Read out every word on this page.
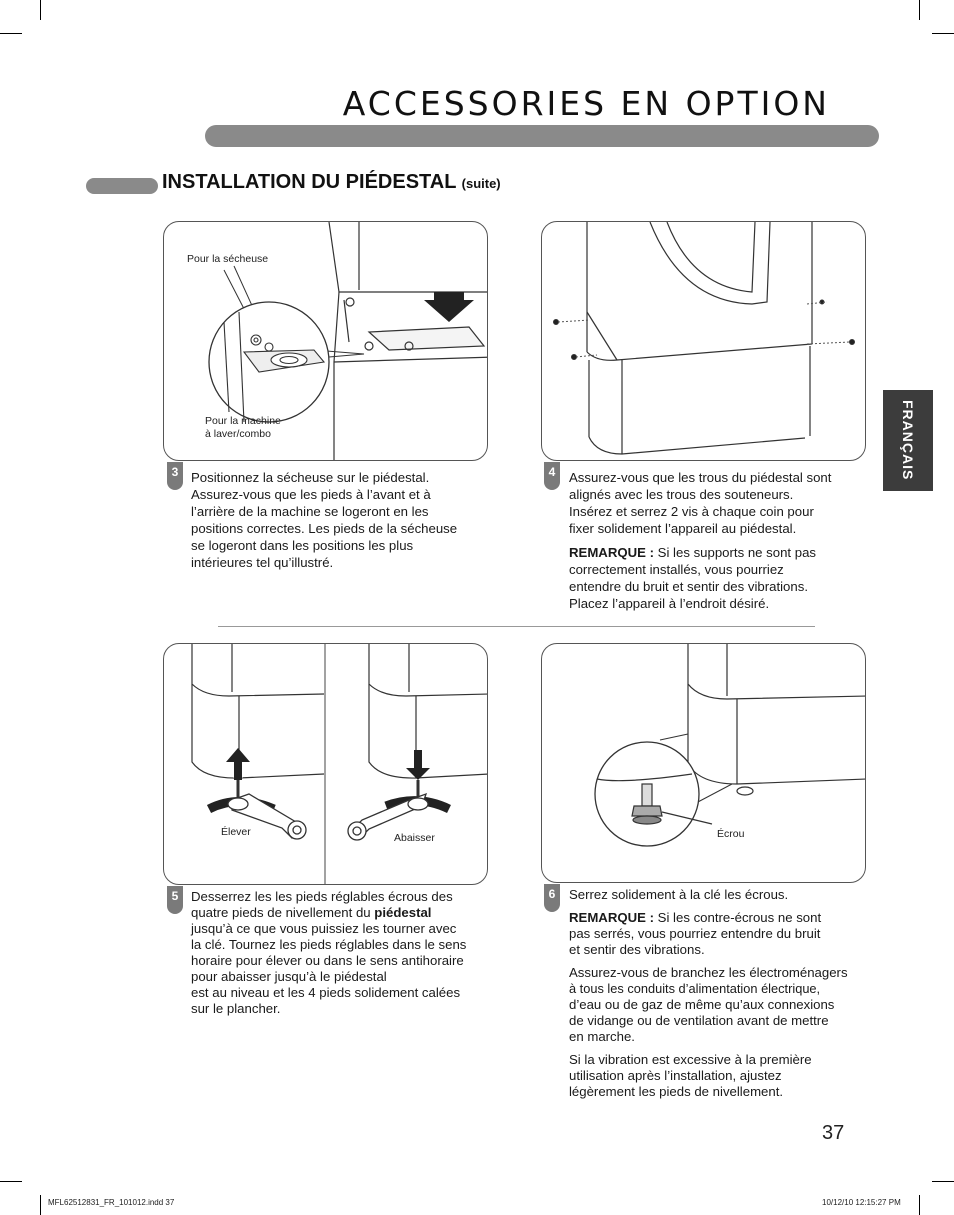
ACCESSORIES EN OPTION
INSTALLATION DU PIÉDESTAL (suite)
FRANÇAIS
Pour la sécheuse
Pour la machine
à laver/combo
3 Positionnez la sécheuse sur le piédestal.
Assurez-vous que les pieds à l’avant et à
l’arrière de la machine se logeront en les
positions correctes. Les pieds de la sécheuse
se logeront dans les positions les plus
intérieures tel qu’illustré.
4	Assurez-vous que les trous du piédestal sont
alignés avec les trous des souteneurs.
Insérez et serrez 2 vis à chaque coin pour
fixer solidement l’appareil au piédestal.

REMARQUE : Si les supports ne sont pas
correctement installés, vous pourriez
entendre du bruit et sentir des vibrations.
Placez l’appareil à l’endroit désiré.

Élever	Abaisser	Écrou
5 Desserrez les les pieds réglables écrous des
quatre pieds de nivellement du piédestal
jusqu’à ce que vous puissiez les tourner avec
la clé. Tournez les pieds réglables dans le sens
horaire pour élever ou dans le sens antihoraire
pour abaisser jusqu’à le piédestal
est au niveau et les 4 pieds solidement calées
sur le plancher.
6	Serrez solidement à la clé les écrous.

REMARQUE : Si les contre-écrous ne sont
pas serrés, vous pourriez entendre du bruit
et sentir des vibrations.

Assurez-vous de branchez les électroménagers
à tous les conduits d’alimentation électrique,
d’eau ou de gaz de même qu’aux connexions
de vidange ou de ventilation avant de mettre
en marche.

Si la vibration est excessive à la première
utilisation après l’installation, ajustez
légèrement les pieds de nivellement.

37
MFL62512831_FR_101012.indd 37	10/12/10 12:15:27 PM
